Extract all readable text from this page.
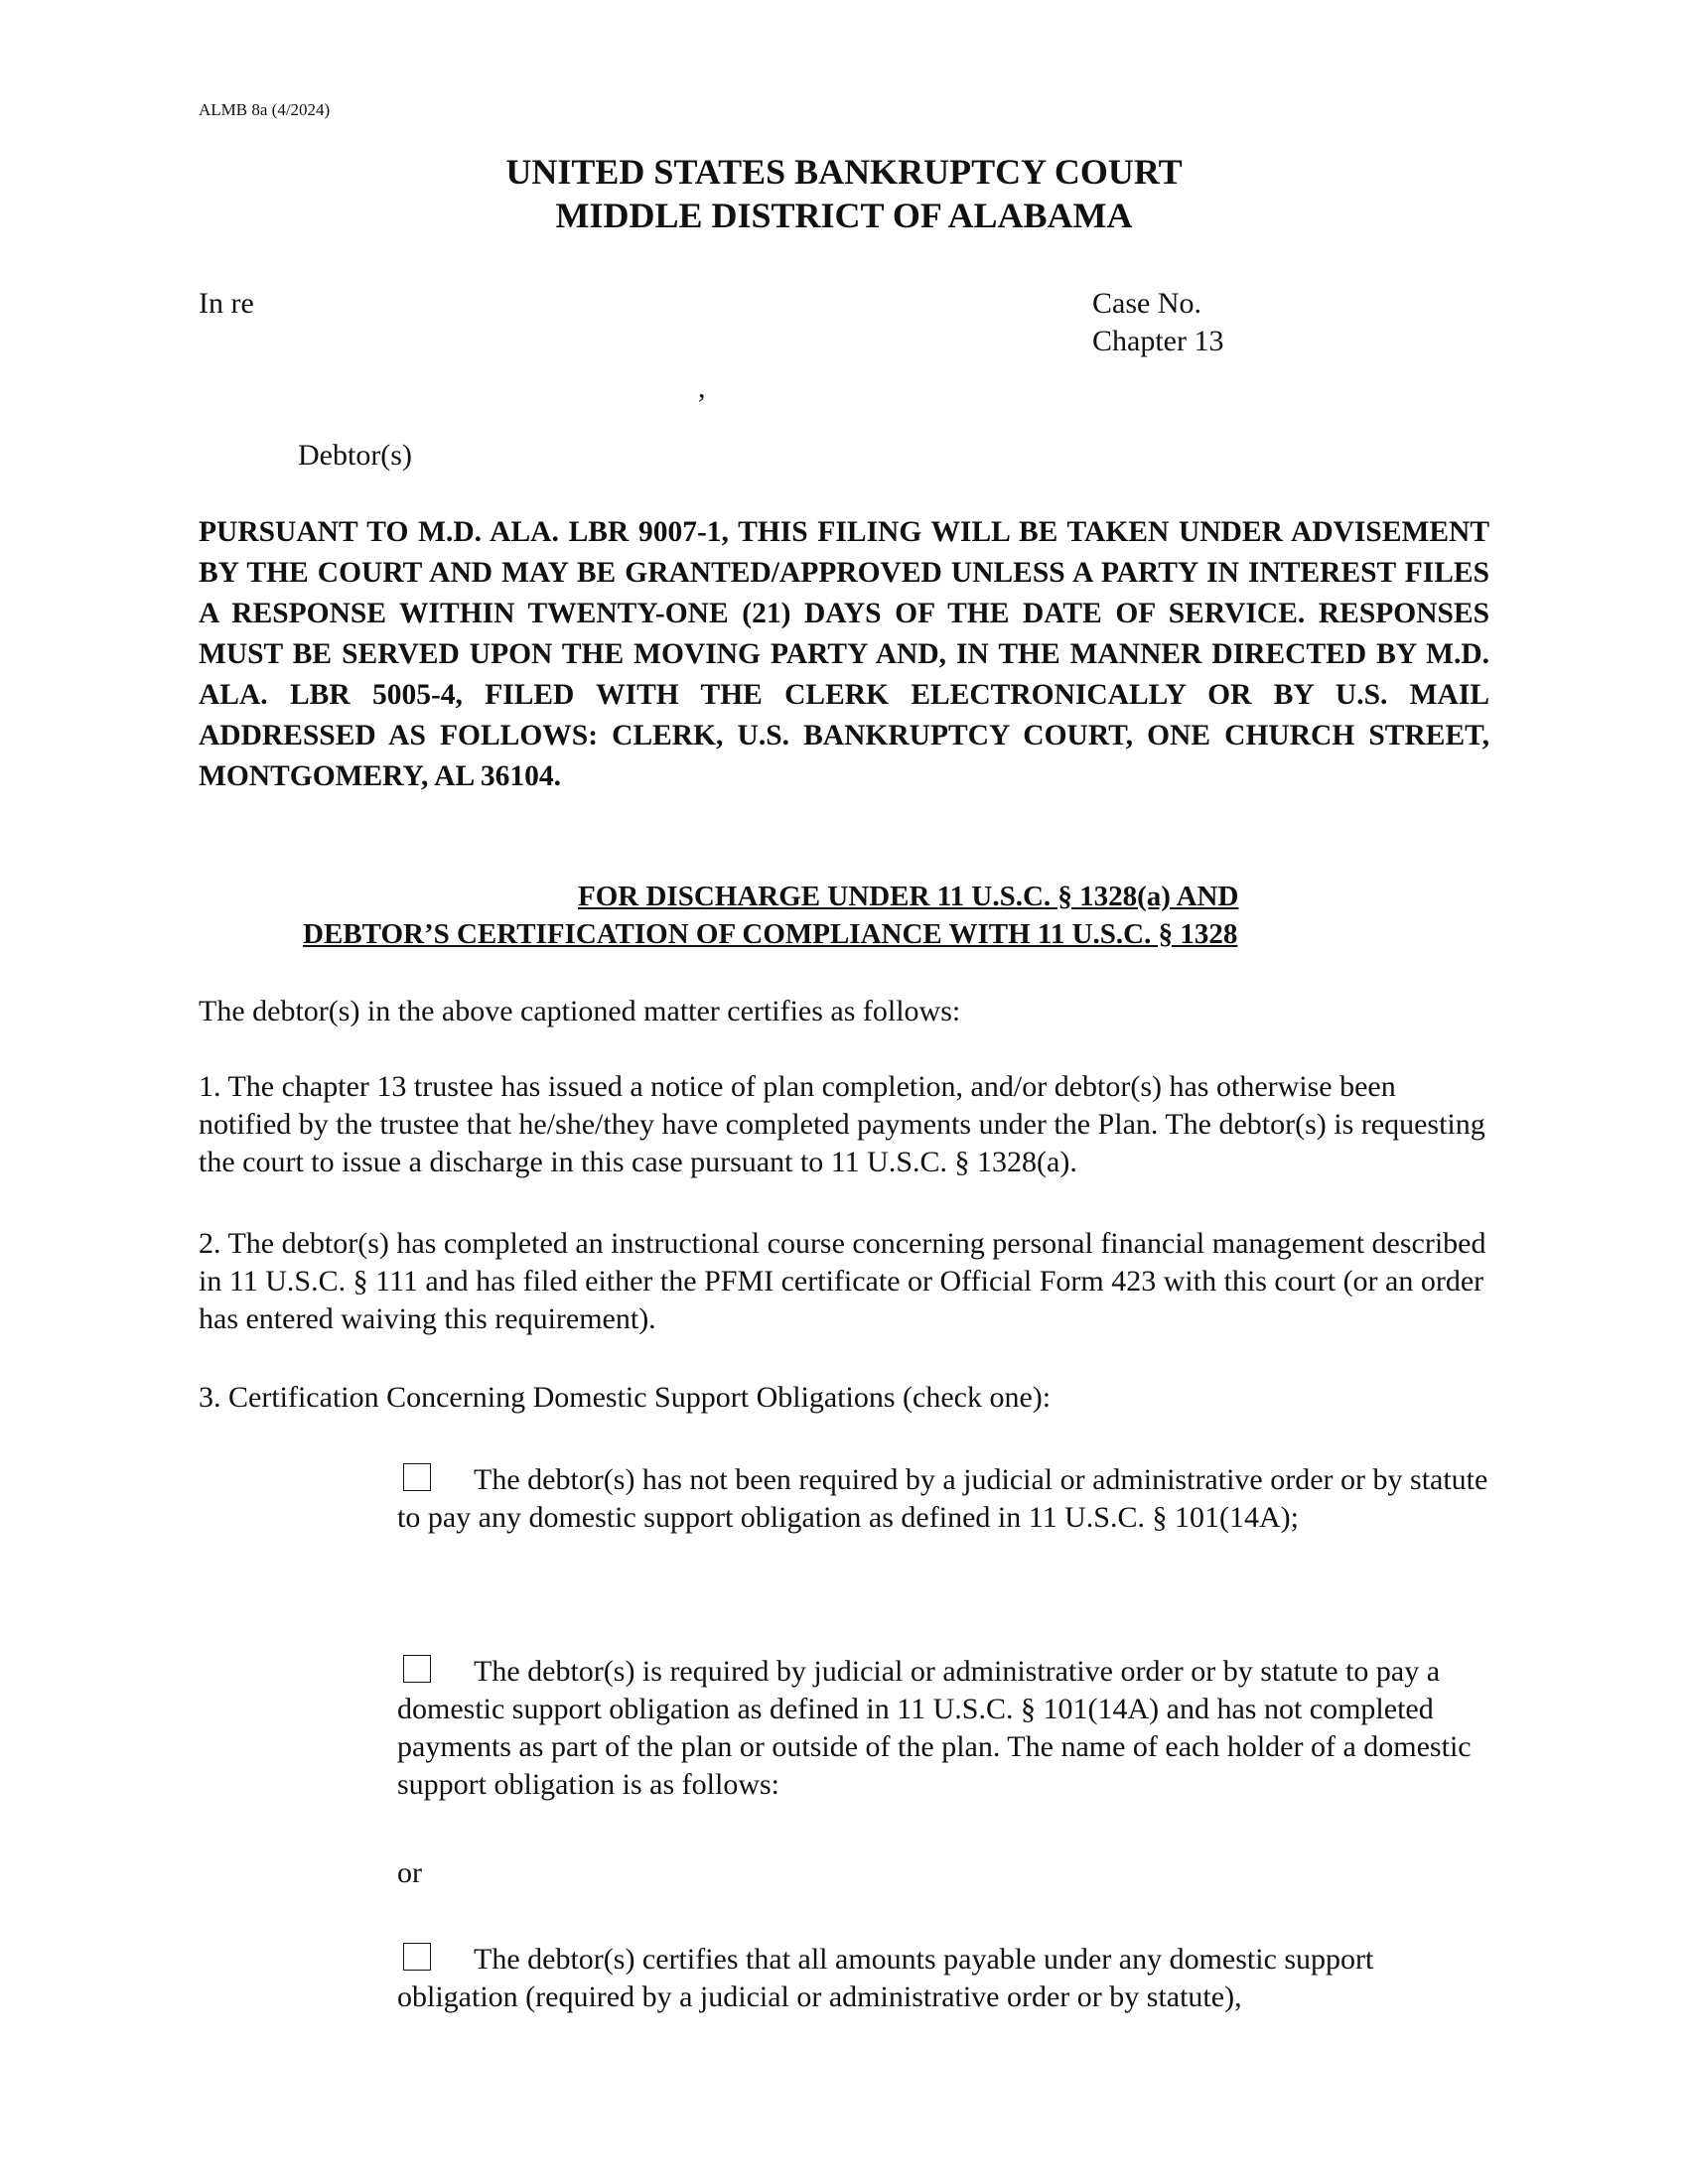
ALMB 8a (4/2024)
UNITED STATES BANKRUPTCY COURT
MIDDLE DISTRICT OF ALABAMA
In re	Case No.
Chapter 13
,
Debtor(s)
PURSUANT TO M.D. ALA. LBR 9007-1, THIS FILING WILL BE TAKEN UNDER ADVISEMENT BY THE COURT AND MAY BE GRANTED/APPROVED UNLESS A PARTY IN INTEREST FILES A RESPONSE WITHIN TWENTY-ONE (21) DAYS OF THE DATE OF SERVICE. RESPONSES MUST BE SERVED UPON THE MOVING PARTY AND, IN THE MANNER DIRECTED BY M.D. ALA. LBR 5005-4, FILED WITH THE CLERK ELECTRONICALLY OR BY U.S. MAIL ADDRESSED AS FOLLOWS: CLERK, U.S. BANKRUPTCY COURT, ONE CHURCH STREET, MONTGOMERY, AL 36104.
FOR DISCHARGE UNDER 11 U.S.C. § 1328(a) AND
DEBTOR’S CERTIFICATION OF COMPLIANCE WITH 11 U.S.C. § 1328
The debtor(s) in the above captioned matter certifies as follows:
1. The chapter 13 trustee has issued a notice of plan completion, and/or debtor(s) has otherwise been notified by the trustee that he/she/they have completed payments under the Plan. The debtor(s) is requesting the court to issue a discharge in this case pursuant to 11 U.S.C. § 1328(a).
2. The debtor(s) has completed an instructional course concerning personal financial management described in 11 U.S.C. § 111 and has filed either the PFMI certificate or Official Form 423 with this court (or an order has entered waiving this requirement).
3. Certification Concerning Domestic Support Obligations (check one):
The debtor(s) has not been required by a judicial or administrative order or by statute to pay any domestic support obligation as defined in 11 U.S.C. § 101(14A);
The debtor(s) is required by judicial or administrative order or by statute to pay a domestic support obligation as defined in 11 U.S.C. § 101(14A) and has not completed payments as part of the plan or outside of the plan. The name of each holder of a domestic support obligation is as follows:
or
The debtor(s) certifies that all amounts payable under any domestic support obligation (required by a judicial or administrative order or by statute),
